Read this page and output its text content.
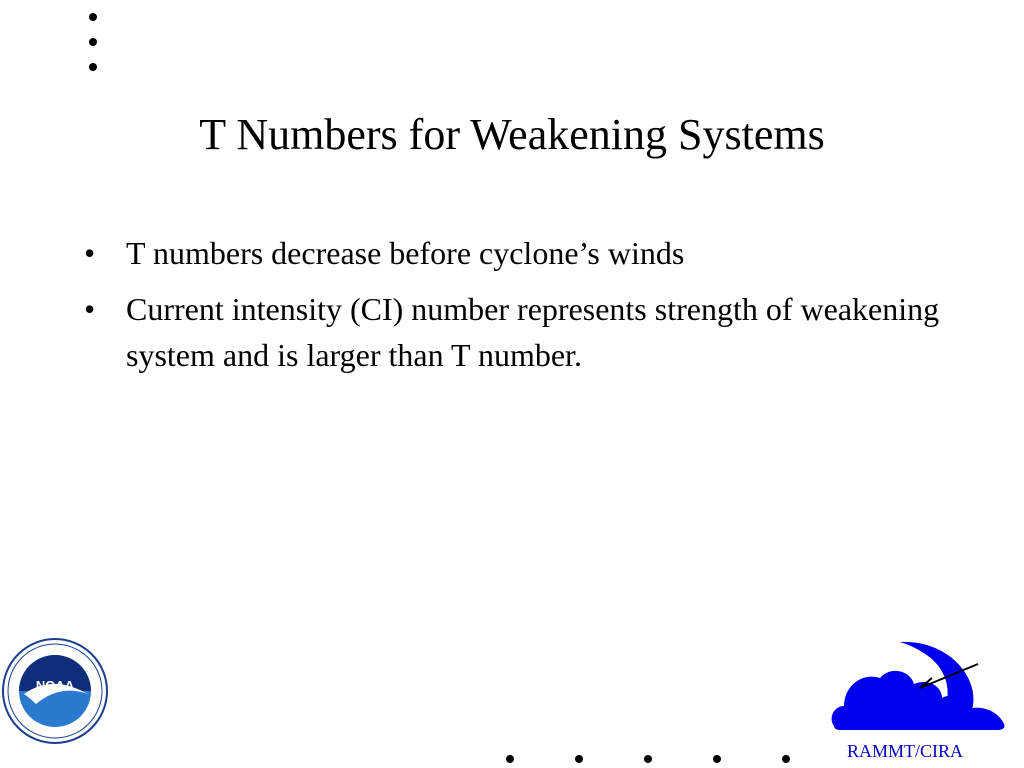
T Numbers for Weakening Systems
• T numbers decrease before cyclone’s winds
• Current intensity (CI) number represents strength of weakening system and is larger than T number.
NOAA
RAMMT/CIRA
